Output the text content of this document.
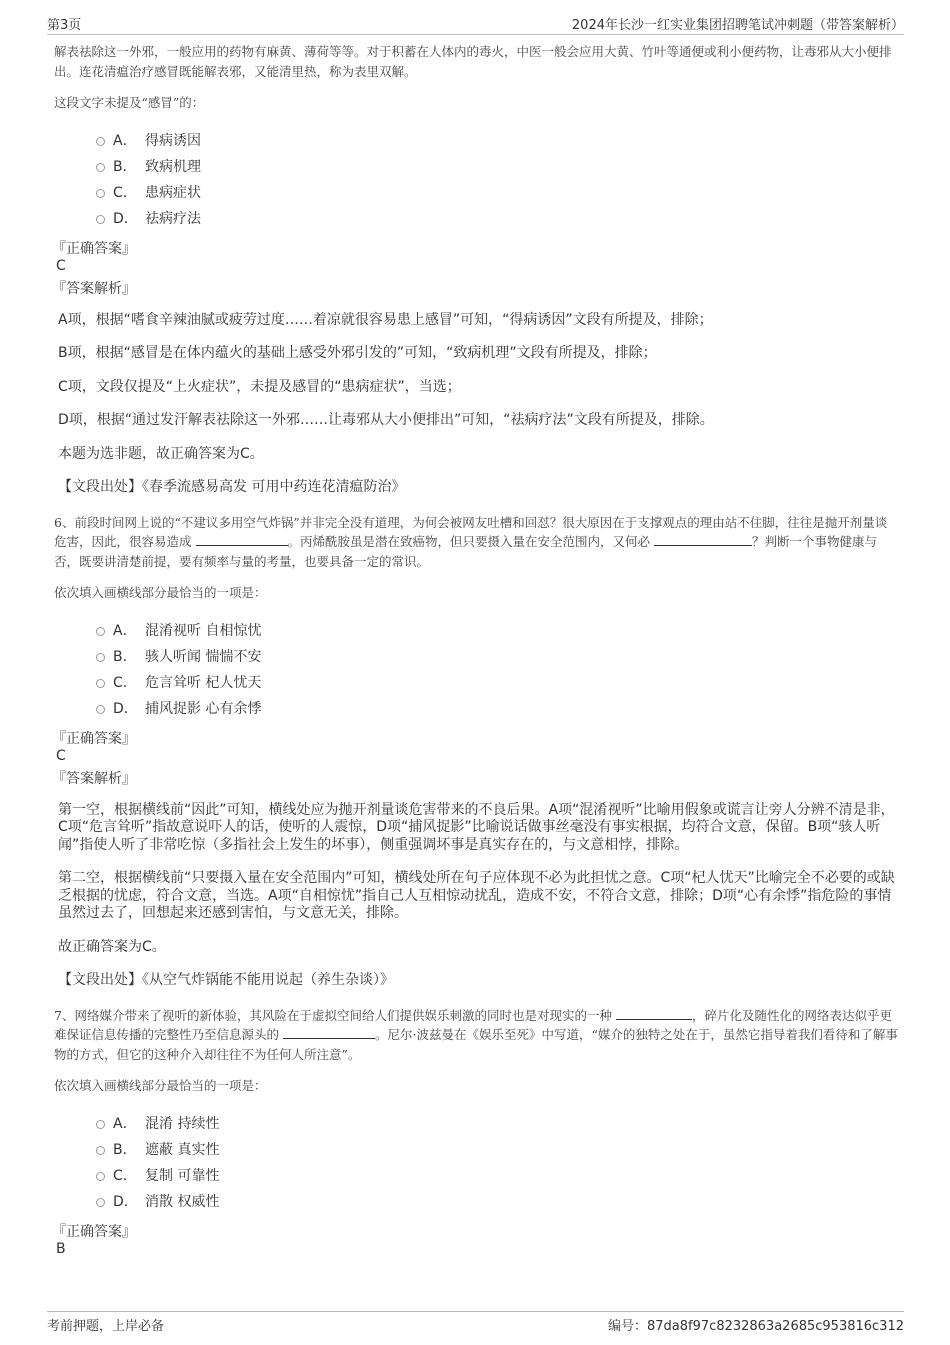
第3页	2024年长沙一红实业集团招聘笔试冲刺题（带答案解析）

解表祛除这一外邪，一般应用的药物有麻黄、薄荷等等。对于积蓄在人体内的毒火，中医一般会应用大黄、竹叶等通便或利小便药物，让毒邪从大小便排出。连花清瘟治疗感冒既能解表邪，又能清里热，称为表里双解。

这段文字未提及“感冒”的：

A． 得病诱因
B． 致病机理
C． 患病症状
D． 祛病疗法

『正确答案』

C

『答案解析』

A项，根据“嗜食辛辣油腻或疲劳过度……着凉就很容易患上感冒”可知，“得病诱因”文段有所提及，排除；

B项，根据“感冒是在体内蕴火的基础上感受外邪引发的”可知，“致病机理”文段有所提及，排除；

C项，文段仅提及“上火症状”，未提及感冒的“患病症状”，当选；

D项，根据“通过发汗解表祛除这一外邪……让毒邪从大小便排出”可知，“祛病疗法”文段有所提及，排除。

本题为选非题，故正确答案为C。

【文段出处】《春季流感易高发 可用中药连花清瘟防治》

6、前段时间网上说的“不建议多用空气炸锅”并非完全没有道理，为何会被网友吐槽和回怼？很大原因在于支撑观点的理由站不住脚，往往是抛开剂量谈危害，因此，很容易造成	。丙烯酰胺虽是潜在致癌物，但只要摄入量在安全范围内，又何必	？判断一个事物健康与否，既要讲清楚前提，要有频率与量的考量，也要具备一定的常识。

依次填入画横线部分最恰当的一项是：

A． 混淆视听 自相惊忧
B． 骇人听闻 惴惴不安
C． 危言耸听 杞人忧天
D． 捕风捉影 心有余悸

『正确答案』

C

『答案解析』

第一空，根据横线前“因此”可知，横线处应为抛开剂量谈危害带来的不良后果。A项“混淆视听”比喻用假象或谎言让旁人分辨不清是非，C项“危言耸听”指故意说吓人的话，使听的人震惊，D项“捕风捉影”比喻说话做事丝毫没有事实根据，均符合文意，保留。B项“骇人听闻”指使人听了非常吃惊（多指社会上发生的坏事），侧重强调坏事是真实存在的，与文意相悖，排除。

第二空，根据横线前“只要摄入量在安全范围内”可知，横线处所在句子应体现不必为此担忧之意。C项“杞人忧天”比喻完全不必要的或缺乏根据的忧虑，符合文意，当选。A项“自相惊忧”指自己人互相惊动扰乱，造成不安，不符合文意，排除；D项“心有余悸”指危险的事情虽然过去了，回想起来还感到害怕，与文意无关，排除。

故正确答案为C。

【文段出处】《从空气炸锅能不能用说起（养生杂谈）》

7、网络媒介带来了视听的新体验，其风险在于虚拟空间给人们提供娱乐刺激的同时也是对现实的一种	，碎片化及随性化的网络表达似乎更难保证信息传播的完整性乃至信息源头的	。尼尔·波兹曼在《娱乐至死》中写道，“媒介的独特之处在于，虽然它指导着我们看待和了解事物的方式，但它的这种介入却往往不为任何人所注意”。

依次填入画横线部分最恰当的一项是：

A． 混淆 持续性
B． 遮蔽 真实性
C． 复制 可靠性
D． 消散 权威性

『正确答案』

B

考前押题，上岸必备	编号：87da8f97c8232863a2685c953816c312
